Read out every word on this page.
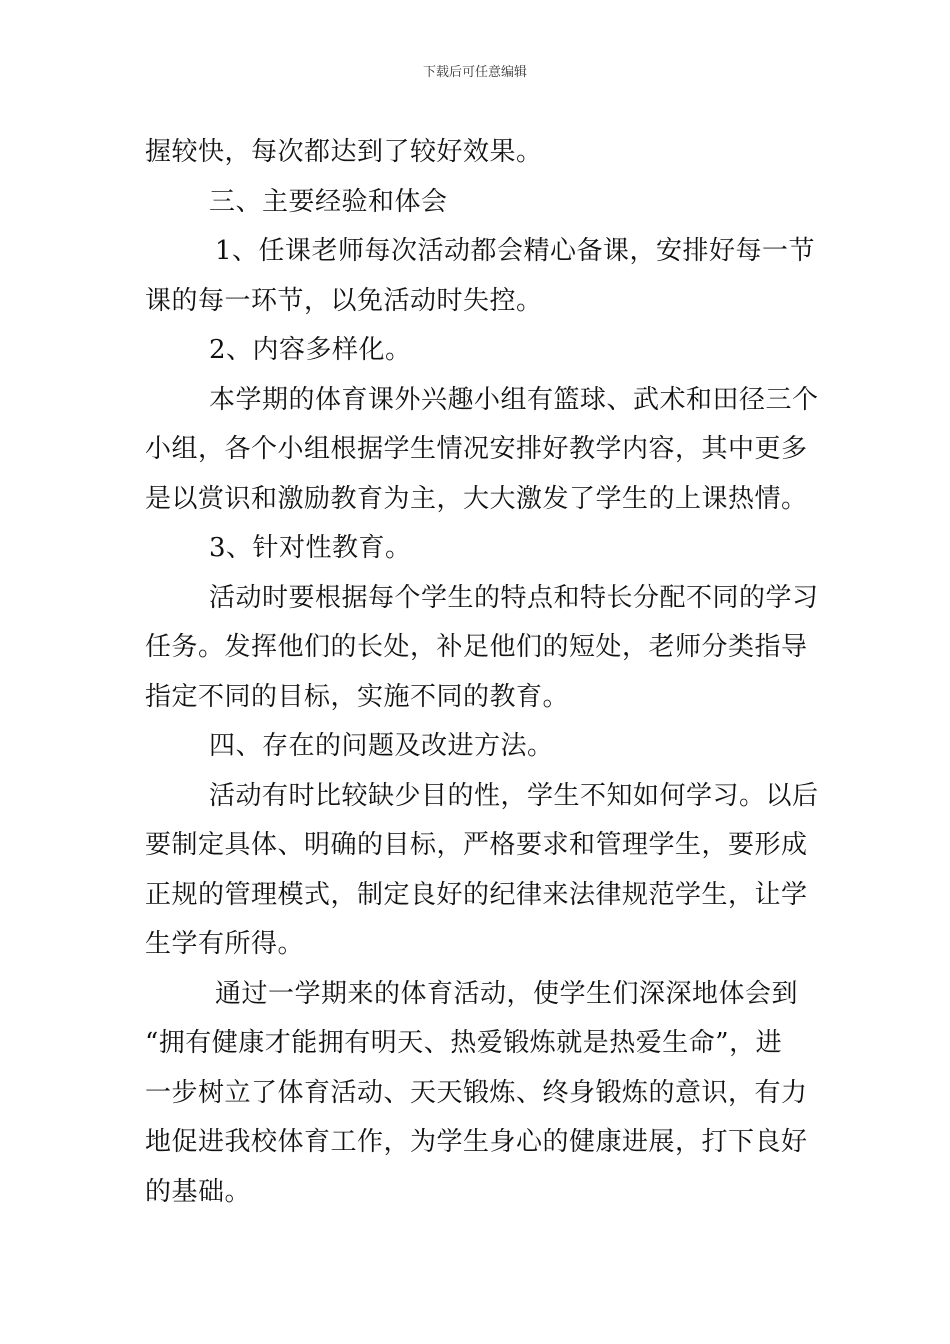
下载后可任意编辑
握较快，每次都达到了较好效果。
三、主要经验和体会
1、任课老师每次活动都会精心备课，安排好每一节
课的每一环节，以免活动时失控。
2、内容多样化。
本学期的体育课外兴趣小组有篮球、武术和田径三个
小组，各个小组根据学生情况安排好教学内容，其中更多
是以赏识和激励教育为主，大大激发了学生的上课热情。
3、针对性教育。
活动时要根据每个学生的特点和特长分配不同的学习
任务。发挥他们的长处，补足他们的短处，老师分类指导
指定不同的目标，实施不同的教育。
四、存在的问题及改进方法。
活动有时比较缺少目的性，学生不知如何学习。以后
要制定具体、明确的目标，严格要求和管理学生，要形成
正规的管理模式，制定良好的纪律来法律规范学生，让学
生学有所得。
通过一学期来的体育活动，使学生们深深地体会到
“拥有健康才能拥有明天、热爱锻炼就是热爱生命”，进
一步树立了体育活动、天天锻炼、终身锻炼的意识，有力
地促进我校体育工作，为学生身心的健康进展，打下良好
的基础。
